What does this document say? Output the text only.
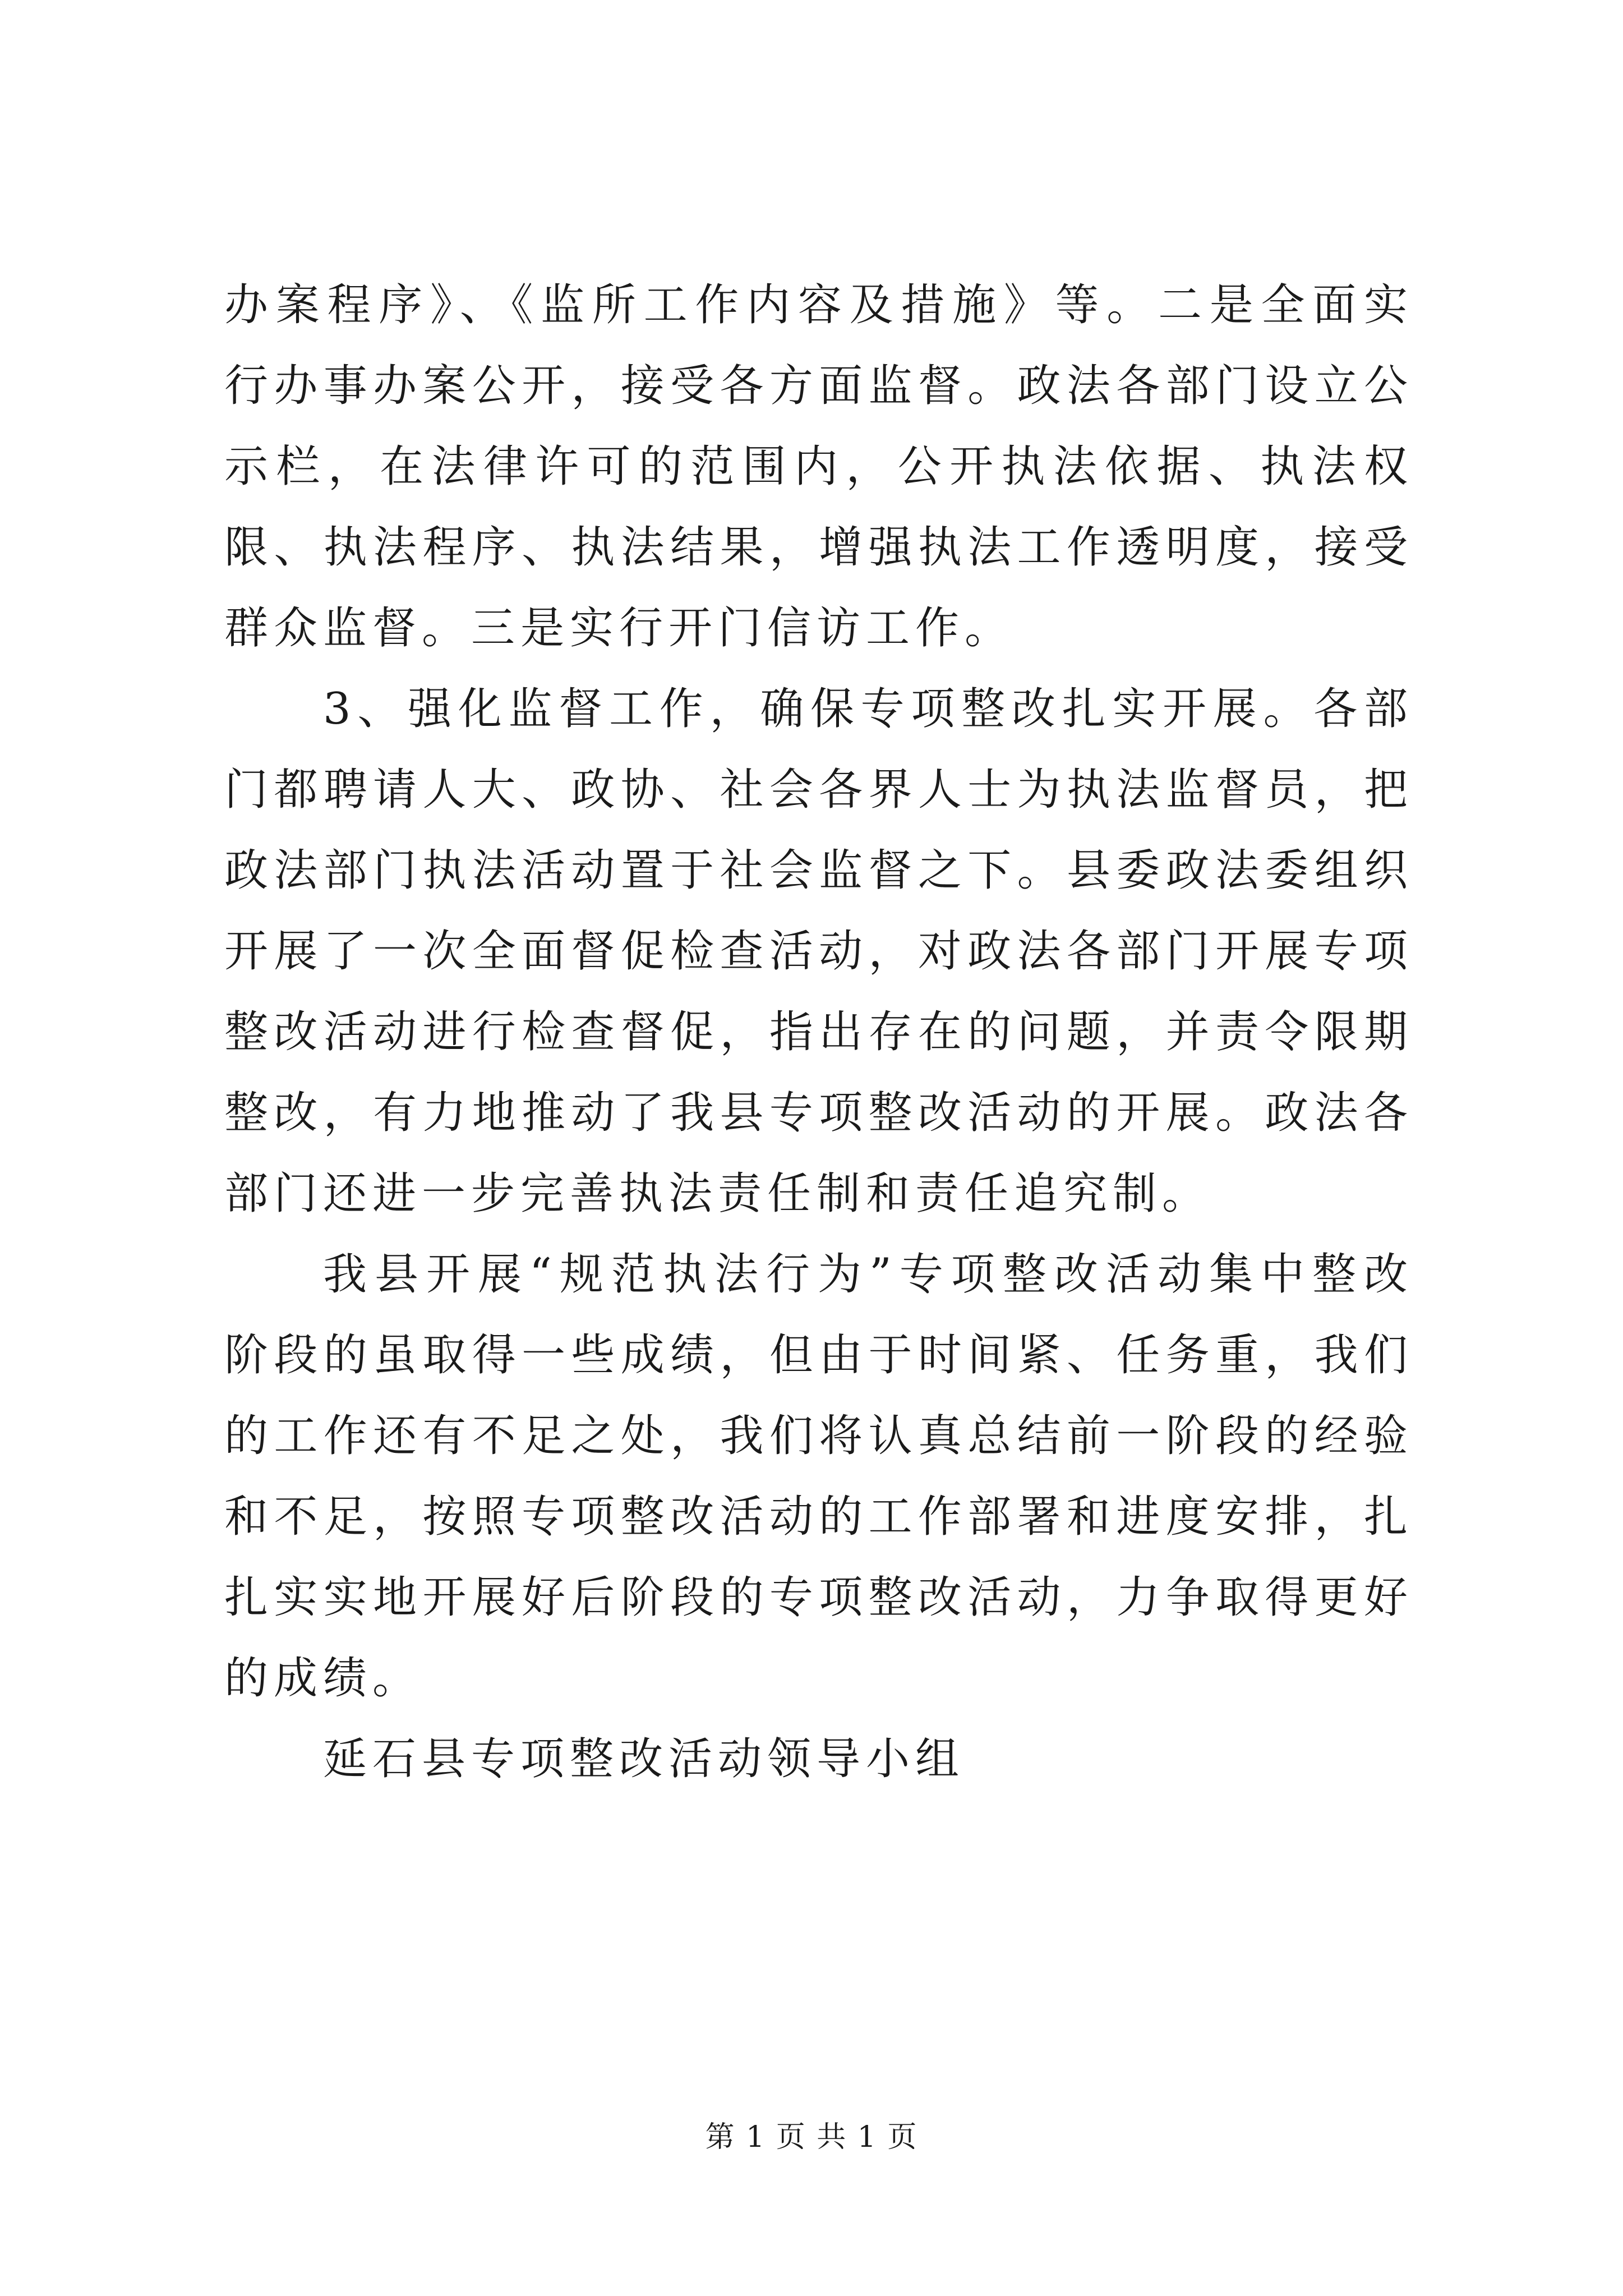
办案程序》、《监所工作内容及措施》等。二是全面实行办事办案公开，接受各方面监督。政法各部门设立公示栏，在法律许可的范围内，公开执法依据、执法权限、执法程序、执法结果，增强执法工作透明度，接受群众监督。三是实行开门信访工作。

3、强化监督工作，确保专项整改扎实开展。各部门都聘请人大、政协、社会各界人士为执法监督员，把政法部门执法活动置于社会监督之下。县委政法委组织开展了一次全面督促检查活动，对政法各部门开展专项整改活动进行检查督促，指出存在的问题，并责令限期整改，有力地推动了我县专项整改活动的开展。政法各部门还进一步完善执法责任制和责任追究制。

我县开展“规范执法行为”专项整改活动集中整改阶段的虽取得一些成绩，但由于时间紧、任务重，我们的工作还有不足之处，我们将认真总结前一阶段的经验和不足，按照专项整改活动的工作部署和进度安排，扎扎实实地开展好后阶段的专项整改活动，力争取得更好的成绩。

延石县专项整改活动领导小组

第 1 页 共 1 页
